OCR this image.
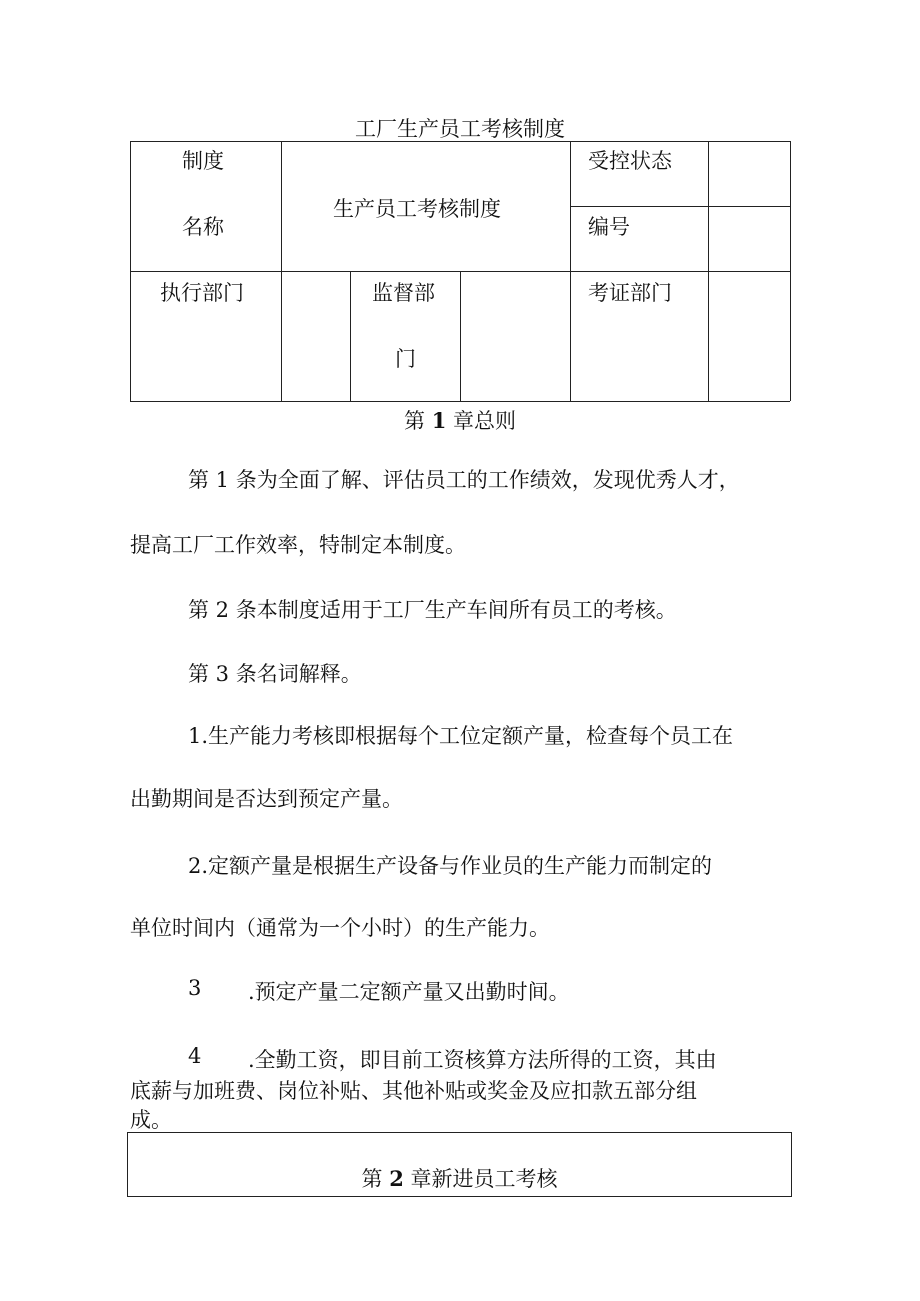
工厂生产员工考核制度
制度
名称
生产员工考核制度
受控状态
编号
执行部门	监督部
门
考证部门
第 1 章总则
第 1 条为全面了解、评估员工的工作绩效，发现优秀人才，
提高工厂工作效率，特制定本制度。
第 2 条本制度适用于工厂生产车间所有员工的考核。
第 3 条名词解释。
1.生产能力考核即根据每个工位定额产量，检查每个员工在
出勤期间是否达到预定产量。
2.定额产量是根据生产设备与作业员的生产能力而制定的
单位时间内（通常为一个小时）的生产能力。
3 .预定产量二定额产量又出勤时间。
4 .全勤工资，即目前工资核算方法所得的工资，其由
底薪与加班费、岗位补贴、其他补贴或奖金及应扣款五部分组
成。
第 2 章新进员工考核
